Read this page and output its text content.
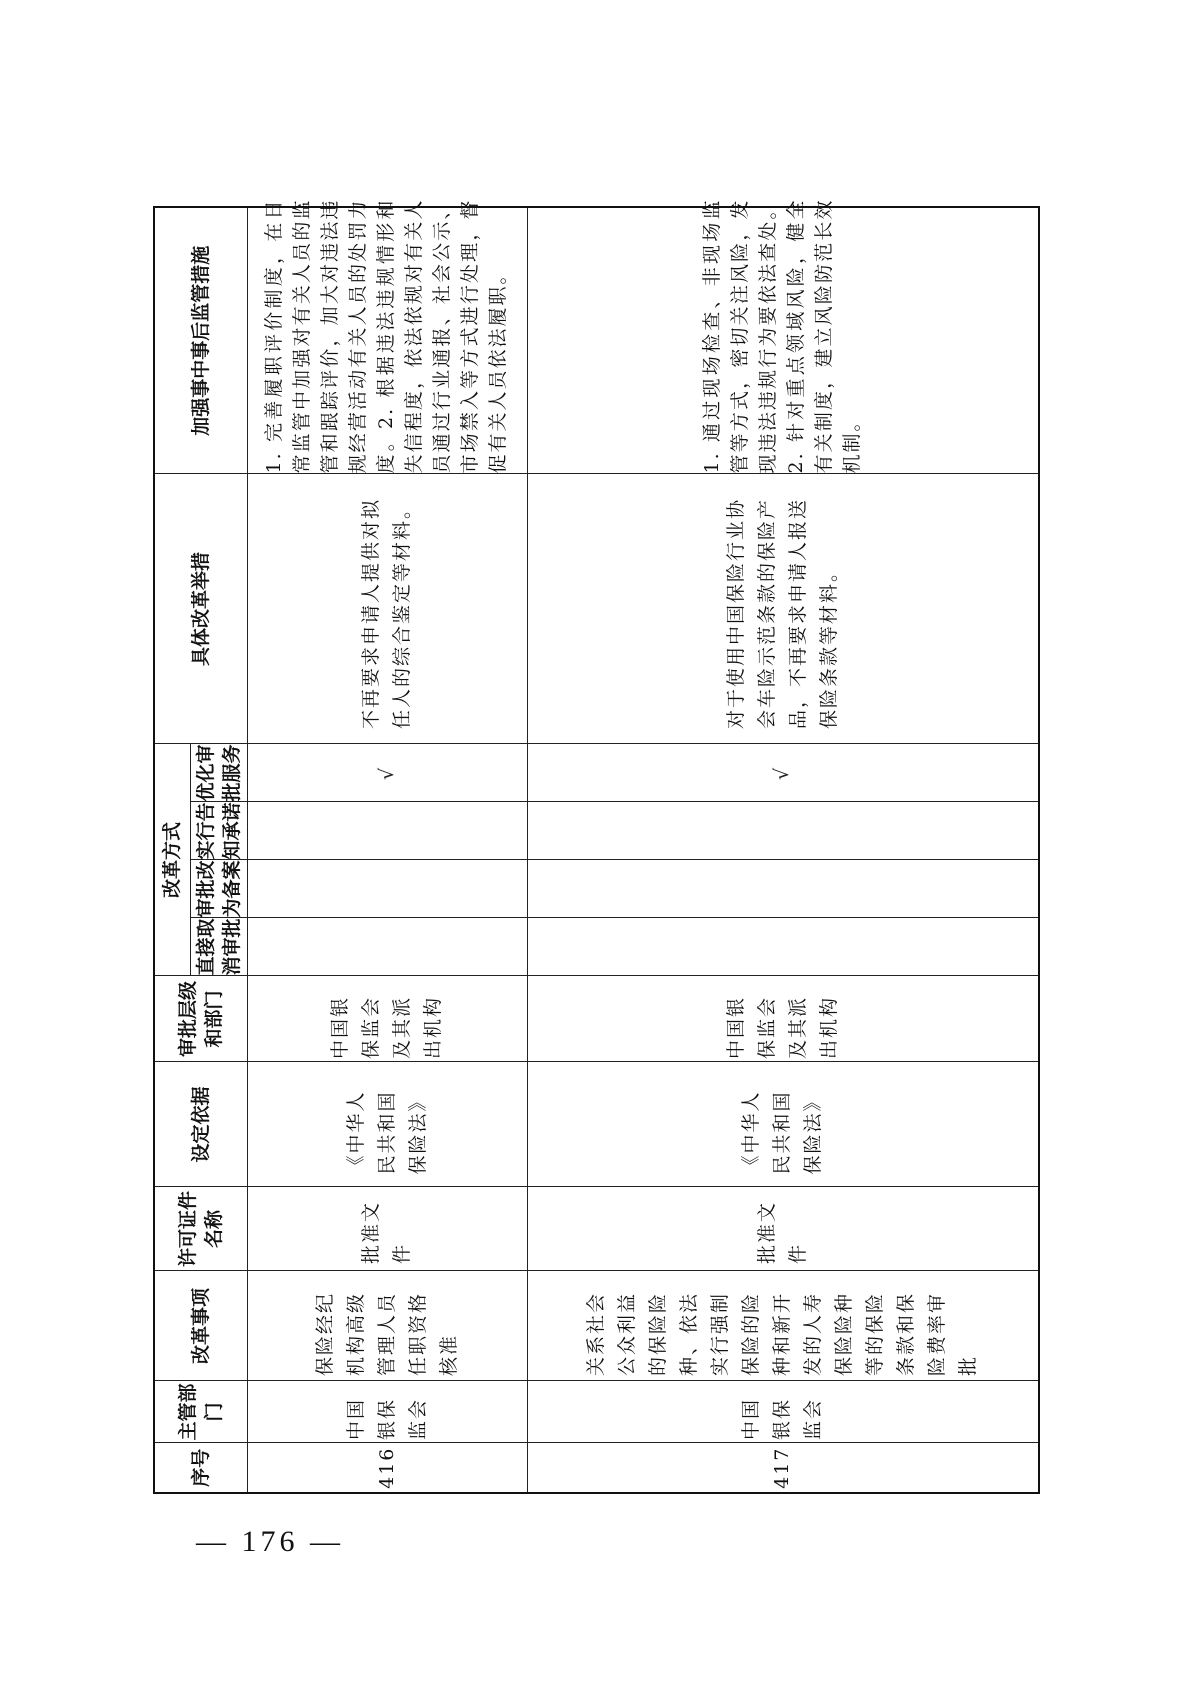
序号	主管部门	改革事项	许可证件名称	设定依据	审批层级和部门	改革方式				具体改革举措	加强事中事后监管措施
						直接取消审批	审批改为备案	实行告知承诺	优化审批服务		
416	中国银保监会	保险经纪机构高级管理人员任职资格核准	批准文件	《中华人民共和国保险法》	中国银保监会及其派出机构				√	不再要求申请人提供对拟任人的综合鉴定等材料。	1. 完善履职评价制度，在日常监管中加强对有关人员的监管和跟踪评价，加大对违法违规经营活动有关人员的处罚力度。2. 根据违法违规情形和失信程度，依法依规对有关人员通过行业通报、社会公示、市场禁入等方式进行处理，督促有关人员依法履职。
417	中国银保监会	关系社会公众利益的保险险种、依法实行强制保险的险种和新开发的人寿保险险种等的保险条款和保险费率审批	批准文件	《中华人民共和国保险法》	中国银保监会及其派出机构				√	对于使用中国保险行业协会车险示范条款的保险产品，不再要求申请人报送保险条款等材料。	1. 通过现场检查、非现场监管等方式，密切关注风险，发现违法违规行为要依法查处。2. 针对重点领域风险，健全有关制度，建立风险防范长效机制。
— 176 —
